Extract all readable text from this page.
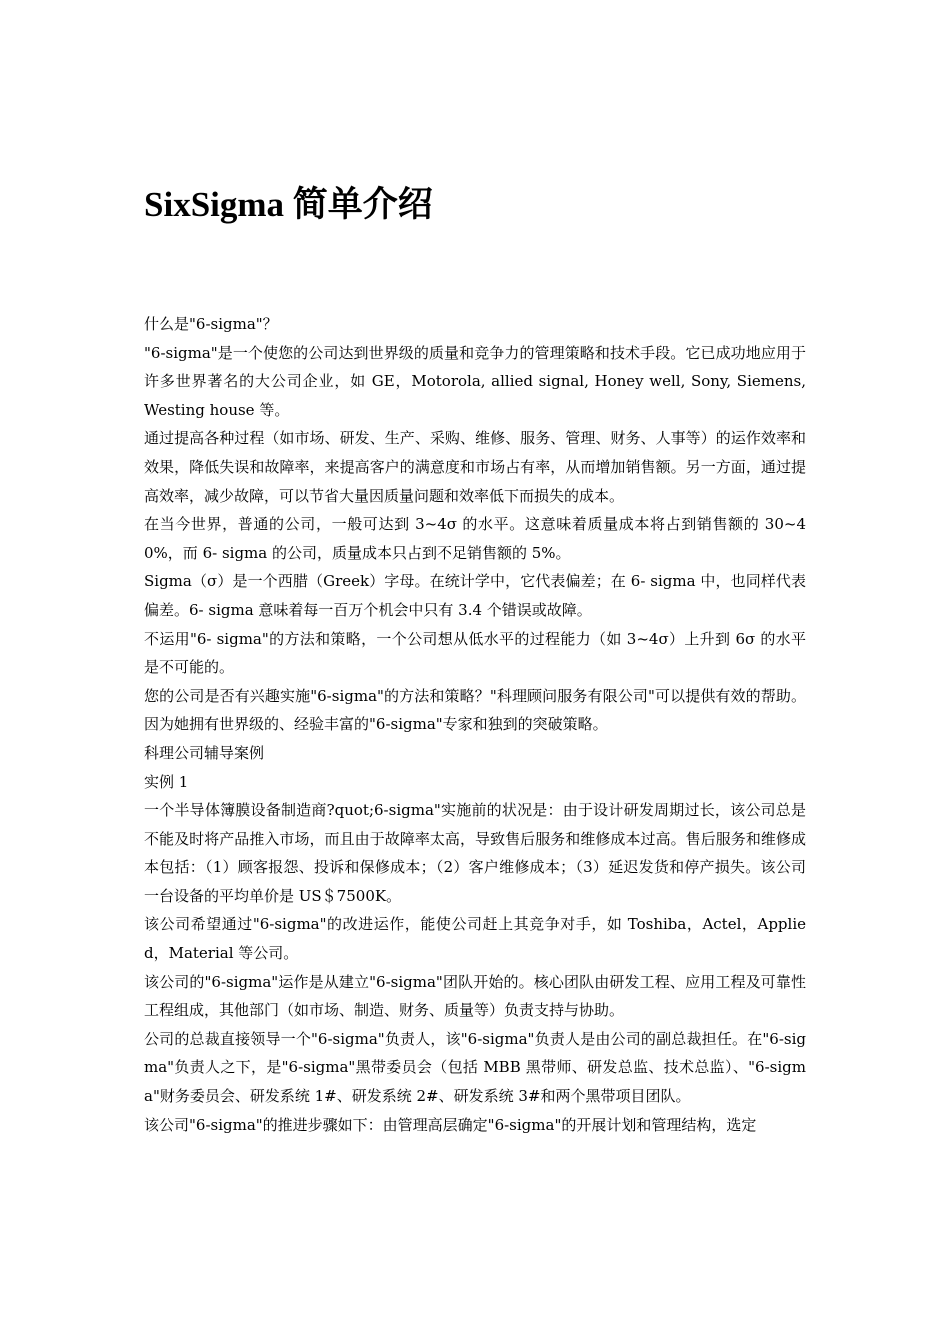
SixSigma 简单介绍

什么是"6-sigma"？

"6-sigma"是一个使您的公司达到世界级的质量和竞争力的管理策略和技术手段。它已成功地应用于许多世界著名的大公司企业，如 GE，Motorola, allied signal, Honey well, Sony, Siemens, Westing house 等。

通过提高各种过程（如市场、研发、生产、采购、维修、服务、管理、财务、人事等）的运作效率和效果，降低失误和故障率，来提高客户的满意度和市场占有率，从而增加销售额。另一方面，通过提高效率，减少故障，可以节省大量因质量问题和效率低下而损失的成本。

在当今世界，普通的公司，一般可达到 3~4σ 的水平。这意味着质量成本将占到销售额的 30~40%，而 6- sigma 的公司，质量成本只占到不足销售额的 5%。

Sigma（σ）是一个西腊（Greek）字母。在统计学中，它代表偏差；在 6- sigma 中，也同样代表偏差。6- sigma 意味着每一百万个机会中只有 3.4 个错误或故障。

不运用"6- sigma"的方法和策略，一个公司想从低水平的过程能力（如 3~4σ）上升到 6σ 的水平是不可能的。

您的公司是否有兴趣实施"6-sigma"的方法和策略？"科理顾问服务有限公司"可以提供有效的帮助。因为她拥有世界级的、经验丰富的"6-sigma"专家和独到的突破策略。

科理公司辅导案例

实例 1

一个半导体簿膜设备制造商?quot;6-sigma"实施前的状况是：由于设计研发周期过长，该公司总是不能及时将产品推入市场，而且由于故障率太高，导致售后服务和维修成本过高。售后服务和维修成本包括：（1）顾客报怨、投诉和保修成本；（2）客户维修成本；（3）延迟发货和停产损失。该公司一台设备的平均单价是 US＄7500K。

该公司希望通过"6-sigma"的改进运作，能使公司赶上其竞争对手，如 Toshiba，Actel，Applied，Material 等公司。

该公司的"6-sigma"运作是从建立"6-sigma"团队开始的。核心团队由研发工程、应用工程及可靠性工程组成，其他部门（如市场、制造、财务、质量等）负责支持与协助。

公司的总裁直接领导一个"6-sigma"负责人，该"6-sigma"负责人是由公司的副总裁担任。在"6-sigma"负责人之下，是"6-sigma"黑带委员会（包括 MBB 黑带师、研发总监、技术总监）、"6-sigma"财务委员会、研发系统 1#、研发系统 2#、研发系统 3#和两个黑带项目团队。

该公司"6-sigma"的推进步骤如下：由管理高层确定"6-sigma"的开展计划和管理结构，选定
